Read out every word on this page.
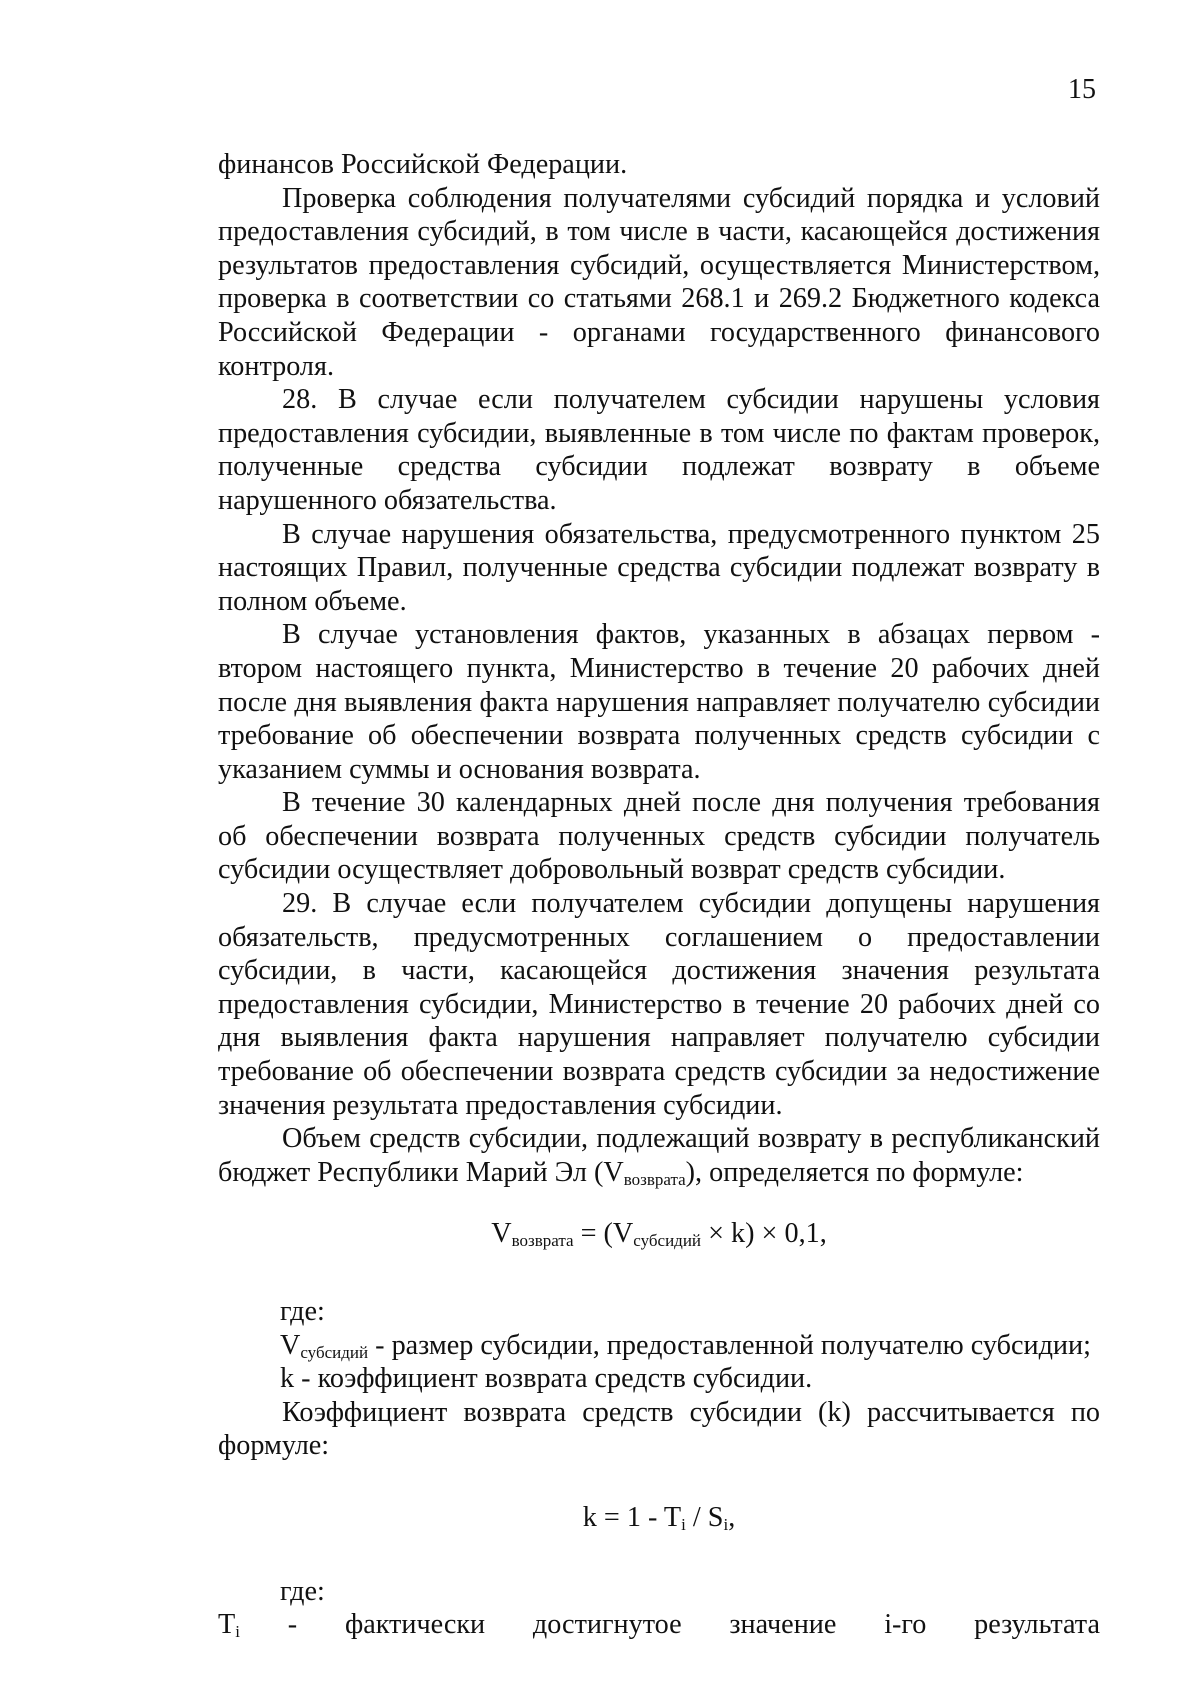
15

финансов Российской Федерации.

Проверка соблюдения получателями субсидий порядка и условий предоставления субсидий, в том числе в части, касающейся достижения результатов предоставления субсидий, осуществляется Министерством, проверка в соответствии со статьями 268.1 и 269.2 Бюджетного кодекса Российской Федерации - органами государственного финансового контроля.

28. В случае если получателем субсидии нарушены условия предоставления субсидии, выявленные в том числе по фактам проверок, полученные средства субсидии подлежат возврату в объеме нарушенного обязательства.

В случае нарушения обязательства, предусмотренного пунктом 25 настоящих Правил, полученные средства субсидии подлежат возврату в полном объеме.

В случае установления фактов, указанных в абзацах первом - втором настоящего пункта, Министерство в течение 20 рабочих дней после дня выявления факта нарушения направляет получателю субсидии требование об обеспечении возврата полученных средств субсидии с указанием суммы и основания возврата.

В течение 30 календарных дней после дня получения требования об обеспечении возврата полученных средств субсидии получатель субсидии осуществляет добровольный возврат средств субсидии.

29. В случае если получателем субсидии допущены нарушения обязательств, предусмотренных соглашением о предоставлении субсидии, в части, касающейся достижения значения результата предоставления субсидии, Министерство в течение 20 рабочих дней со дня выявления факта нарушения направляет получателю субсидии требование об обеспечении возврата средств субсидии за недостижение значения результата предоставления субсидии.

Объем средств субсидии, подлежащий возврату в республиканский бюджет Республики Марий Эл $(V_{возврата})$, определяется по формуле:

$V_{возврата} = (V_{субсидий} \times k) \times 0,1$,

где:

$V_{субсидий}$ - размер субсидии, предоставленной получателю субсидии;

k - коэффициент возврата средств субсидии.

Коэффициент возврата средств субсидии (k) рассчитывается по формуле:

$k = 1 - T_i / S_i$,

где:

$T_i$ - фактически достигнутое значение i-го результата
